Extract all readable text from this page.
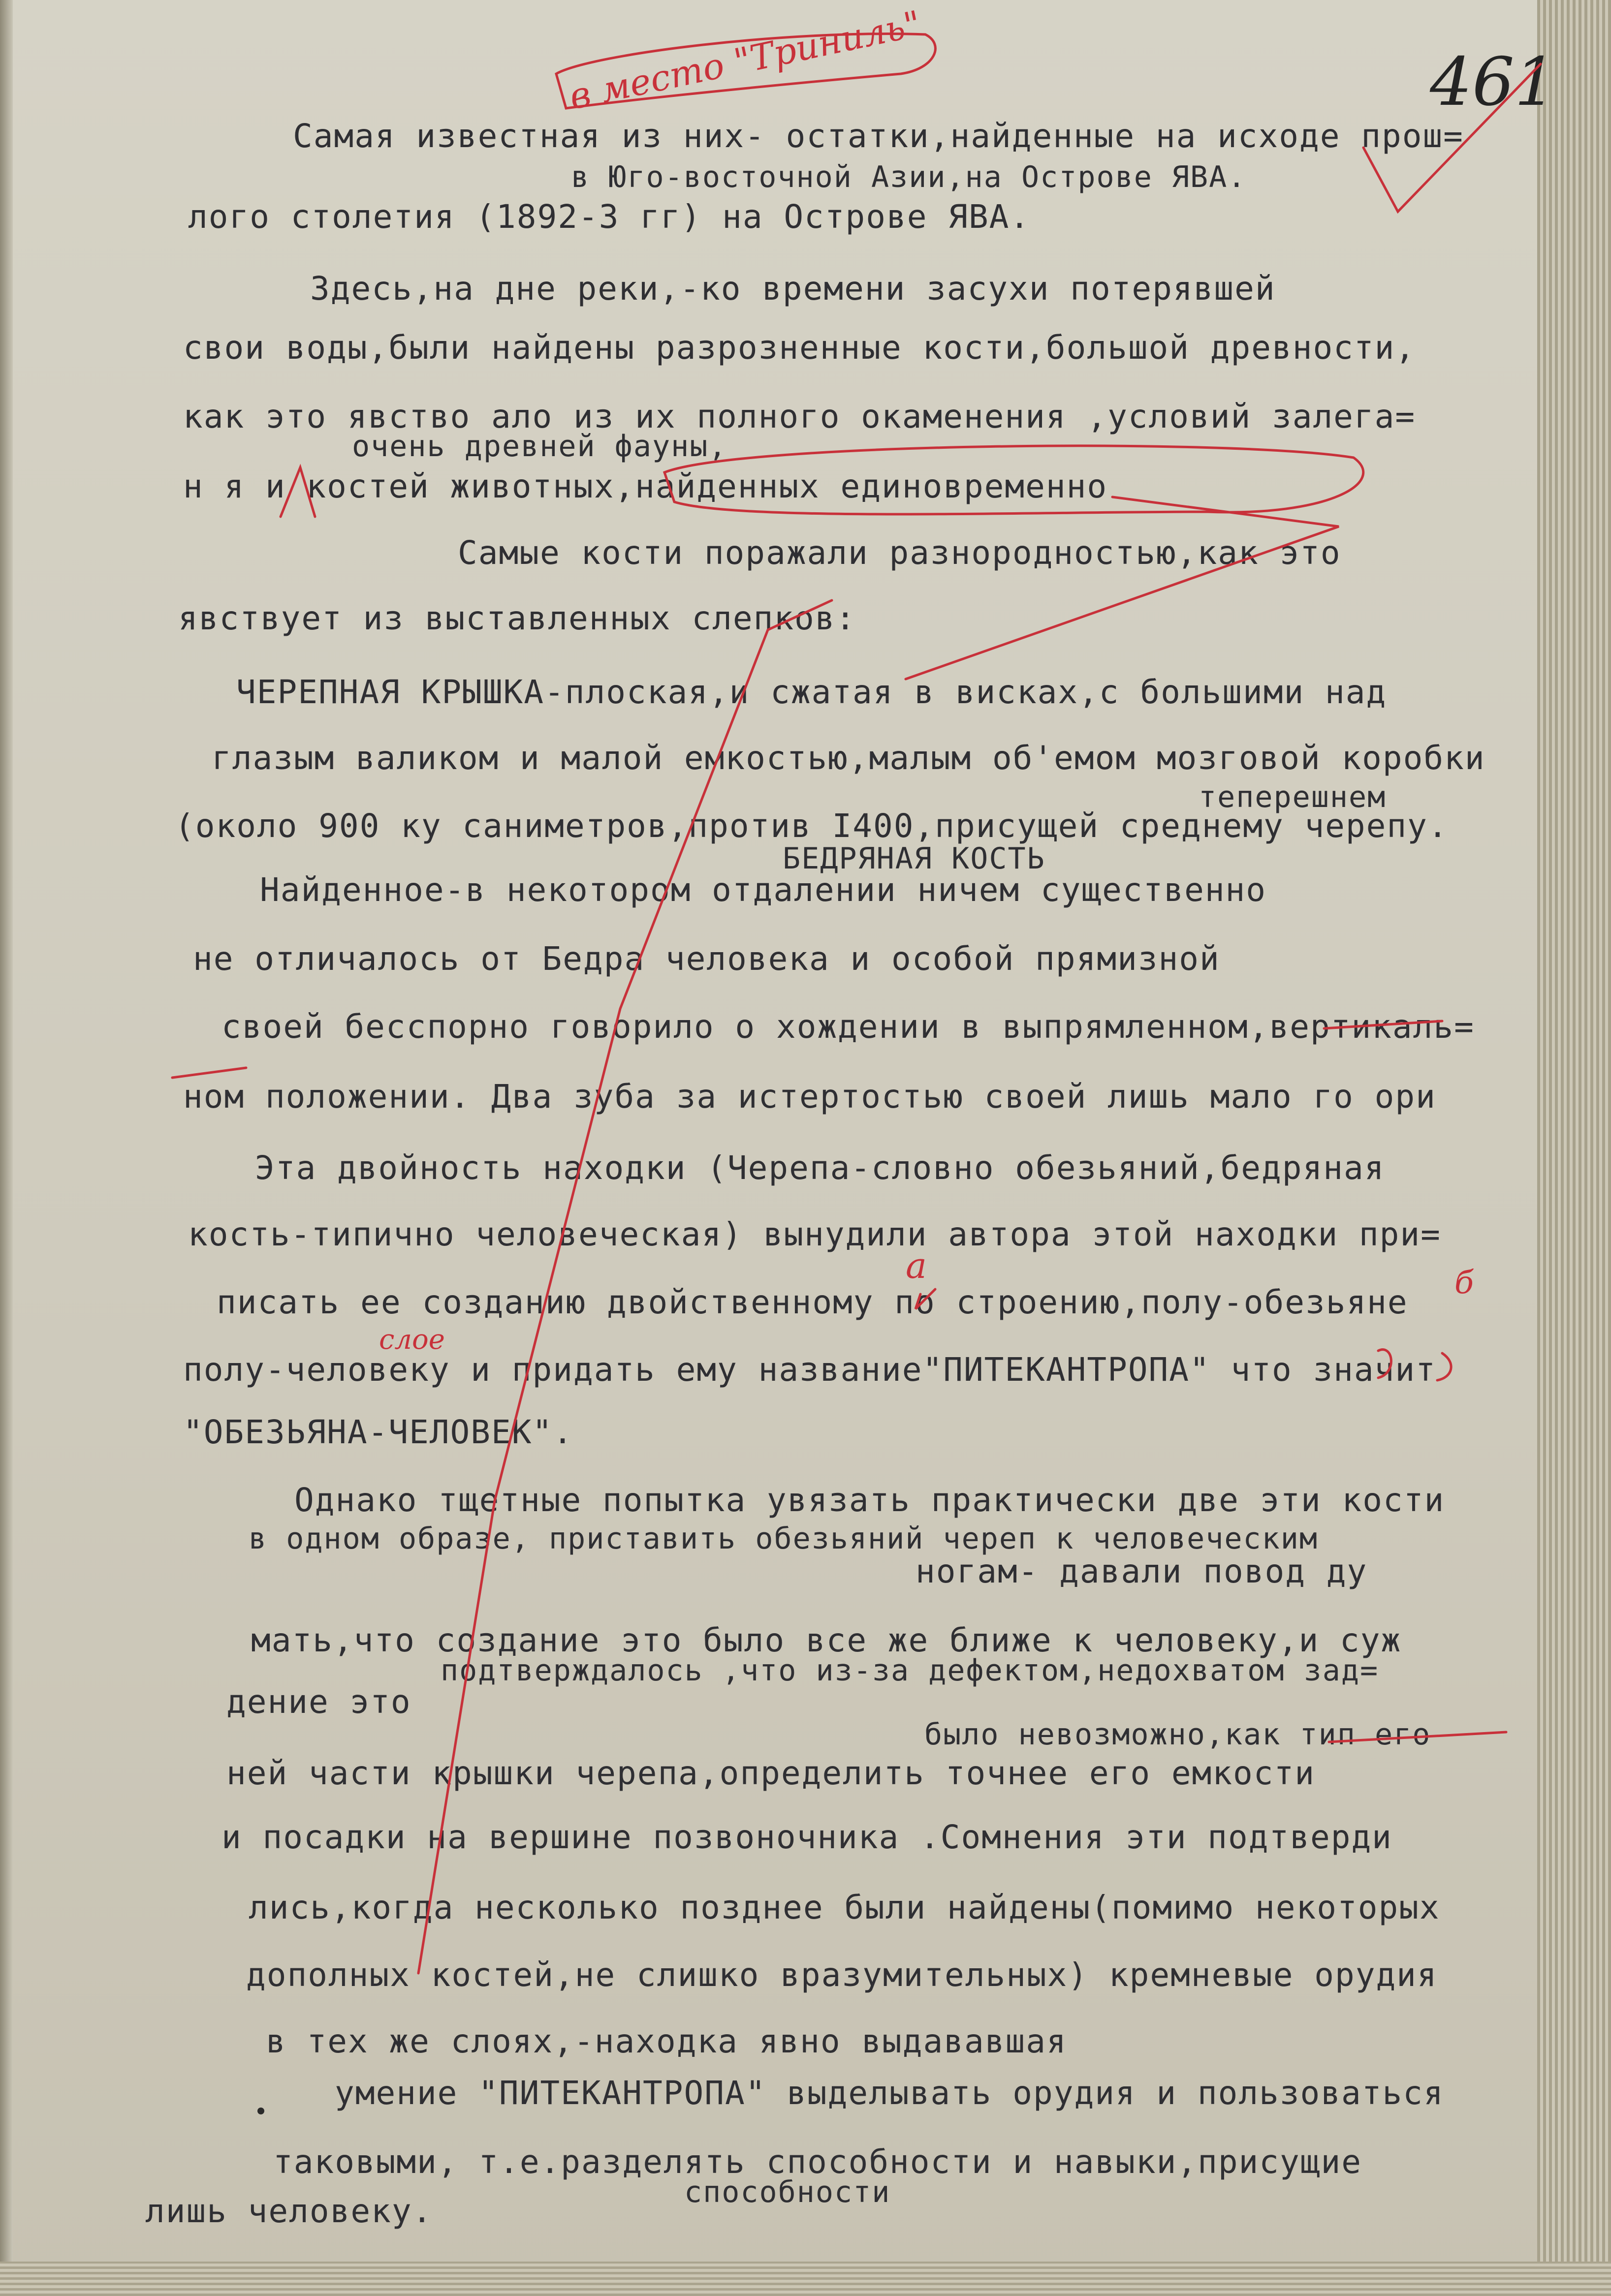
461
в место "Триниль"
Самая известная из них- остатки,найденные на исходе прош=
в Юго-восточной Азии,на Острове ЯВА.
лого столетия (1892-3 гг) на Острове ЯВА.
Здесь,на дне реки,-ко времени засухи потерявшей
свои воды,были найдены разрозненные кости,большой древности,
как это явство ало из их полного окаменения ,условий залега=
очень древней фауны,
н я и костей животных,найденных единовременно
Самые кости поражали разнородностью,как это
явствует из выставленных слепков:
ЧЕРЕПНАЯ КРЫШКА-плоская,и сжатая в висках,с большими над
глазым валиком и малой емкостью,малым об'емом мозговой коробки
теперешнем
(около 900 ку саниметров,против I400,присущей среднему черепу.
БЕДРЯНАЯ КОСТЬ
Найденное-в некотором отдалении ничем существенно
не отличалось от Бедра человека и особой прямизной
своей бесспорно говорило о хождении в выпрямленном,вертикаль=
ном положении. Два зуба за истертостью своей лишь мало го ори
Эта двойность находки (Черепа-словно обезьяний,бедряная
кость-типично человеческая) вынудили автора этой находки при=
писать ее созданию двойственному по строению,полу-обезьяне
полу-человеку и придать ему название"ПИТЕКАНТРОПА" что значит
"ОБЕЗЬЯНА-ЧЕЛОВЕК".
Однако тщетные попытка увязать практически две эти кости
в одном образе, приставить обезьяний череп к человеческим
ногам- давали повод ду
мать,что создание это было все же ближе к человеку,и суж
подтверждалось ,что из-за дефектом,недохватом зад=
дение это
было невозможно,как тип его
ней части крышки черепа,определить точнее его емкости
и посадки на вершине позвоночника .Сомнения эти подтверди
лись,когда несколько позднее были найдены(помимо некоторых
дополных костей,не слишко вразумительных) кремневые орудия
в тех же слоях,-находка явно выдававшая
умение "ПИТЕКАНТРОПА" выделывать орудия и пользоваться
таковыми, т.е.разделять способности и навыки,присущие
лишь человеку.	способности
а	б
слое
